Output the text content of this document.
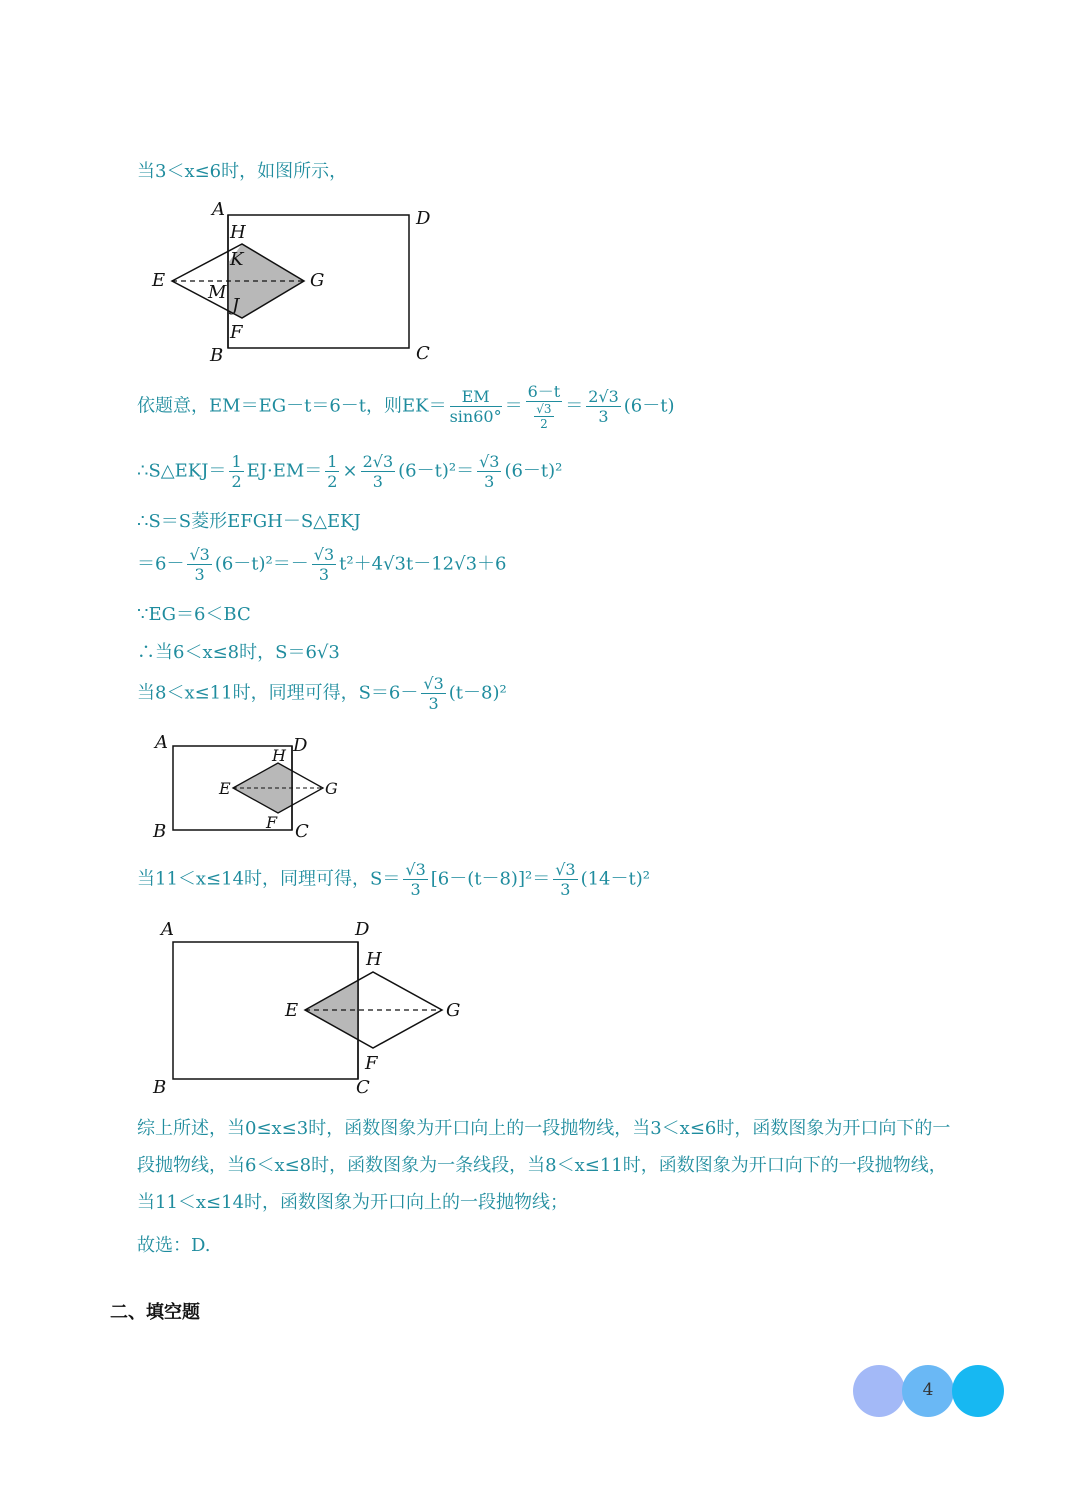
当3＜x≤6时，如图所示，
A	D
H
K
E
M
G
J
F
B	C
依题意，EM＝EG－t＝6－t，则$EK= \frac{EM}{\sin 60^\circ} = \frac{6-t}{\frac{√3}{2}} = \frac{2√3}{3} (6-t)$
∴S△EKJ＝ $\frac{1}{2} EJ\cdot EM= \frac{1}{2} \times \frac{2√3}{3} (6-t)^2= \frac{√3}{3} (6-t)^2$
∴S＝S菱形EFGH－S△EKJ
$=6- \frac{√3}{3} (6-t)^2=- \frac{√3}{3} t^2+4√3t-12√3+6$
∵EG＝6＜BC
∴当6＜x≤8时，S＝6√3
当8＜x≤11时，同理可得，$S=6- \frac{√3}{3} (t-8)^2$
A
H D
E	G
F
B	C
当11＜x≤14时，同理可得，$S= \frac{√3}{3} [6-(t-8)]^2= \frac{√3}{3} (14-t)^2$
A	D
H
E	G
F
B	C
综上所述，当0≤x≤3时，函数图象为开口向上的一段抛物线，当3＜x≤6时，函数图象为开口向下的一段抛物线，当6＜x≤8时，函数图象为一条线段，当8＜x≤11时，函数图象为开口向下的一段抛物线，当11＜x≤14时，函数图象为开口向上的一段抛物线；
故选：D.
二、填空题
4
